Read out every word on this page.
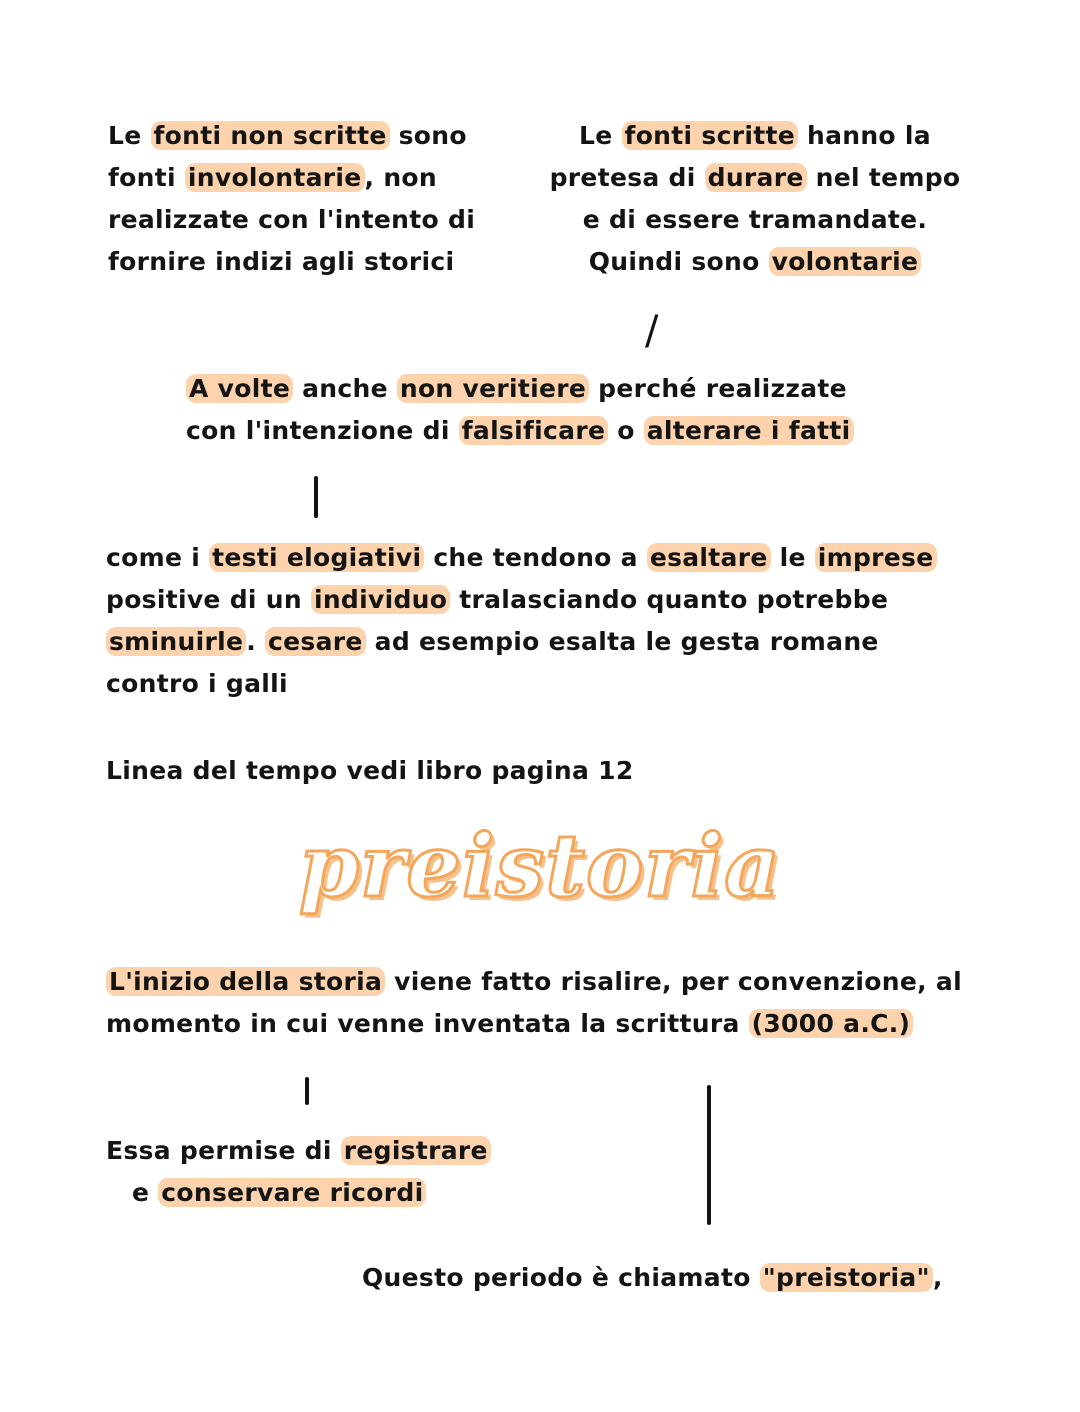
Le fonti non scritte sono
fonti involontarie , non
realizzate con l'intento di
fornire indizi agli storici
Le fonti scritte hanno la
pretesa di durare nel tempo
e di essere tramandate.
Quindi sono volontarie
/
A volte anche non veritiere perché realizzate
con l'intenzione di falsificare o alterare i fatti
come i testi elogiativi che tendono a esaltare le imprese
positive di un individuo tralasciando quanto potrebbe
sminuirle . cesare ad esempio esalta le gesta romane
contro i galli
Linea del tempo vedi libro pagina 12
preistoria
L'inizio della storia viene fatto risalire, per convenzione, al
momento in cui venne inventata la scrittura (3000 a.C.)
Essa permise di registrare
e conservare ricordi
Questo periodo è chiamato "preistoria" ,
